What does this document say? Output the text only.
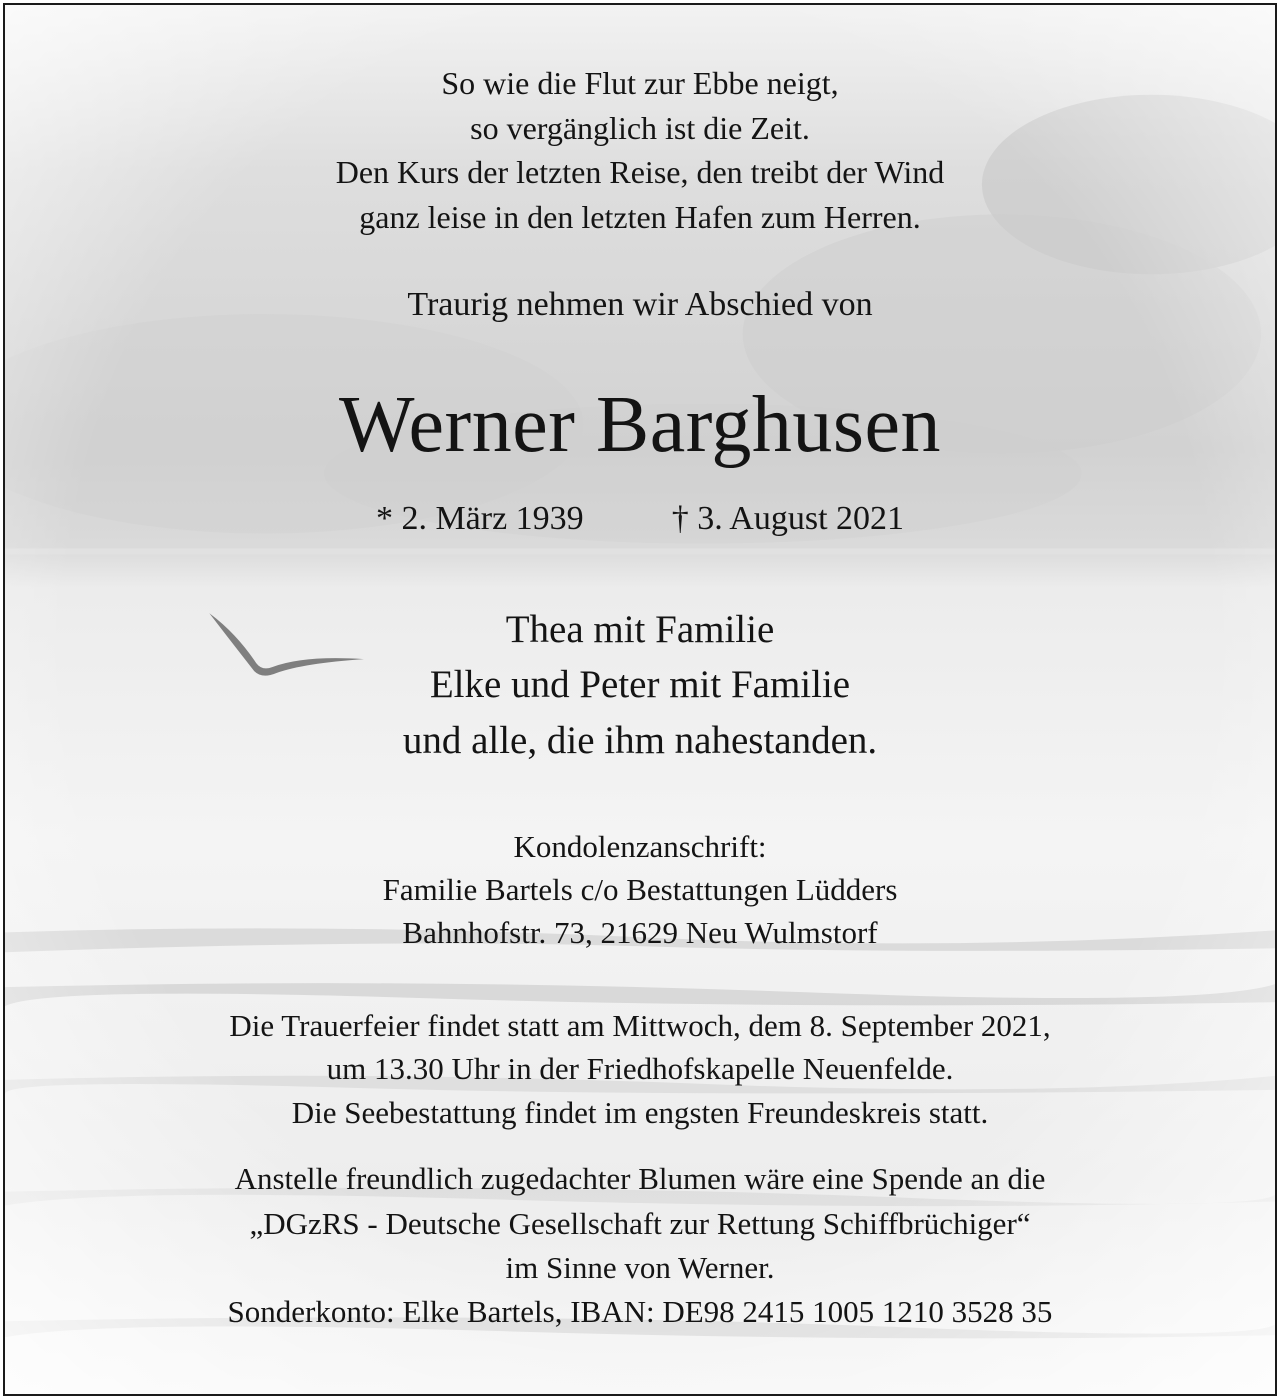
So wie die Flut zur Ebbe neigt,
so vergänglich ist die Zeit.
Den Kurs der letzten Reise, den treibt der Wind
ganz leise in den letzten Hafen zum Herren.
Traurig nehmen wir Abschied von
Werner Barghusen
* 2. März 1939	† 3. August 2021
Thea mit Familie
Elke und Peter mit Familie
und alle, die ihm nahestanden.
Kondolenzanschrift:
Familie Bartels c/o Bestattungen Lüdders
Bahnhofstr. 73, 21629 Neu Wulmstorf
Die Trauerfeier findet statt am Mittwoch, dem 8. September 2021,
um 13.30 Uhr in der Friedhofskapelle Neuenfelde.
Die Seebestattung findet im engsten Freundeskreis statt.
Anstelle freundlich zugedachter Blumen wäre eine Spende an die
„DGzRS - Deutsche Gesellschaft zur Rettung Schiffbrüchiger“
im Sinne von Werner.
Sonderkonto: Elke Bartels, IBAN: DE98 2415 1005 1210 3528 35
